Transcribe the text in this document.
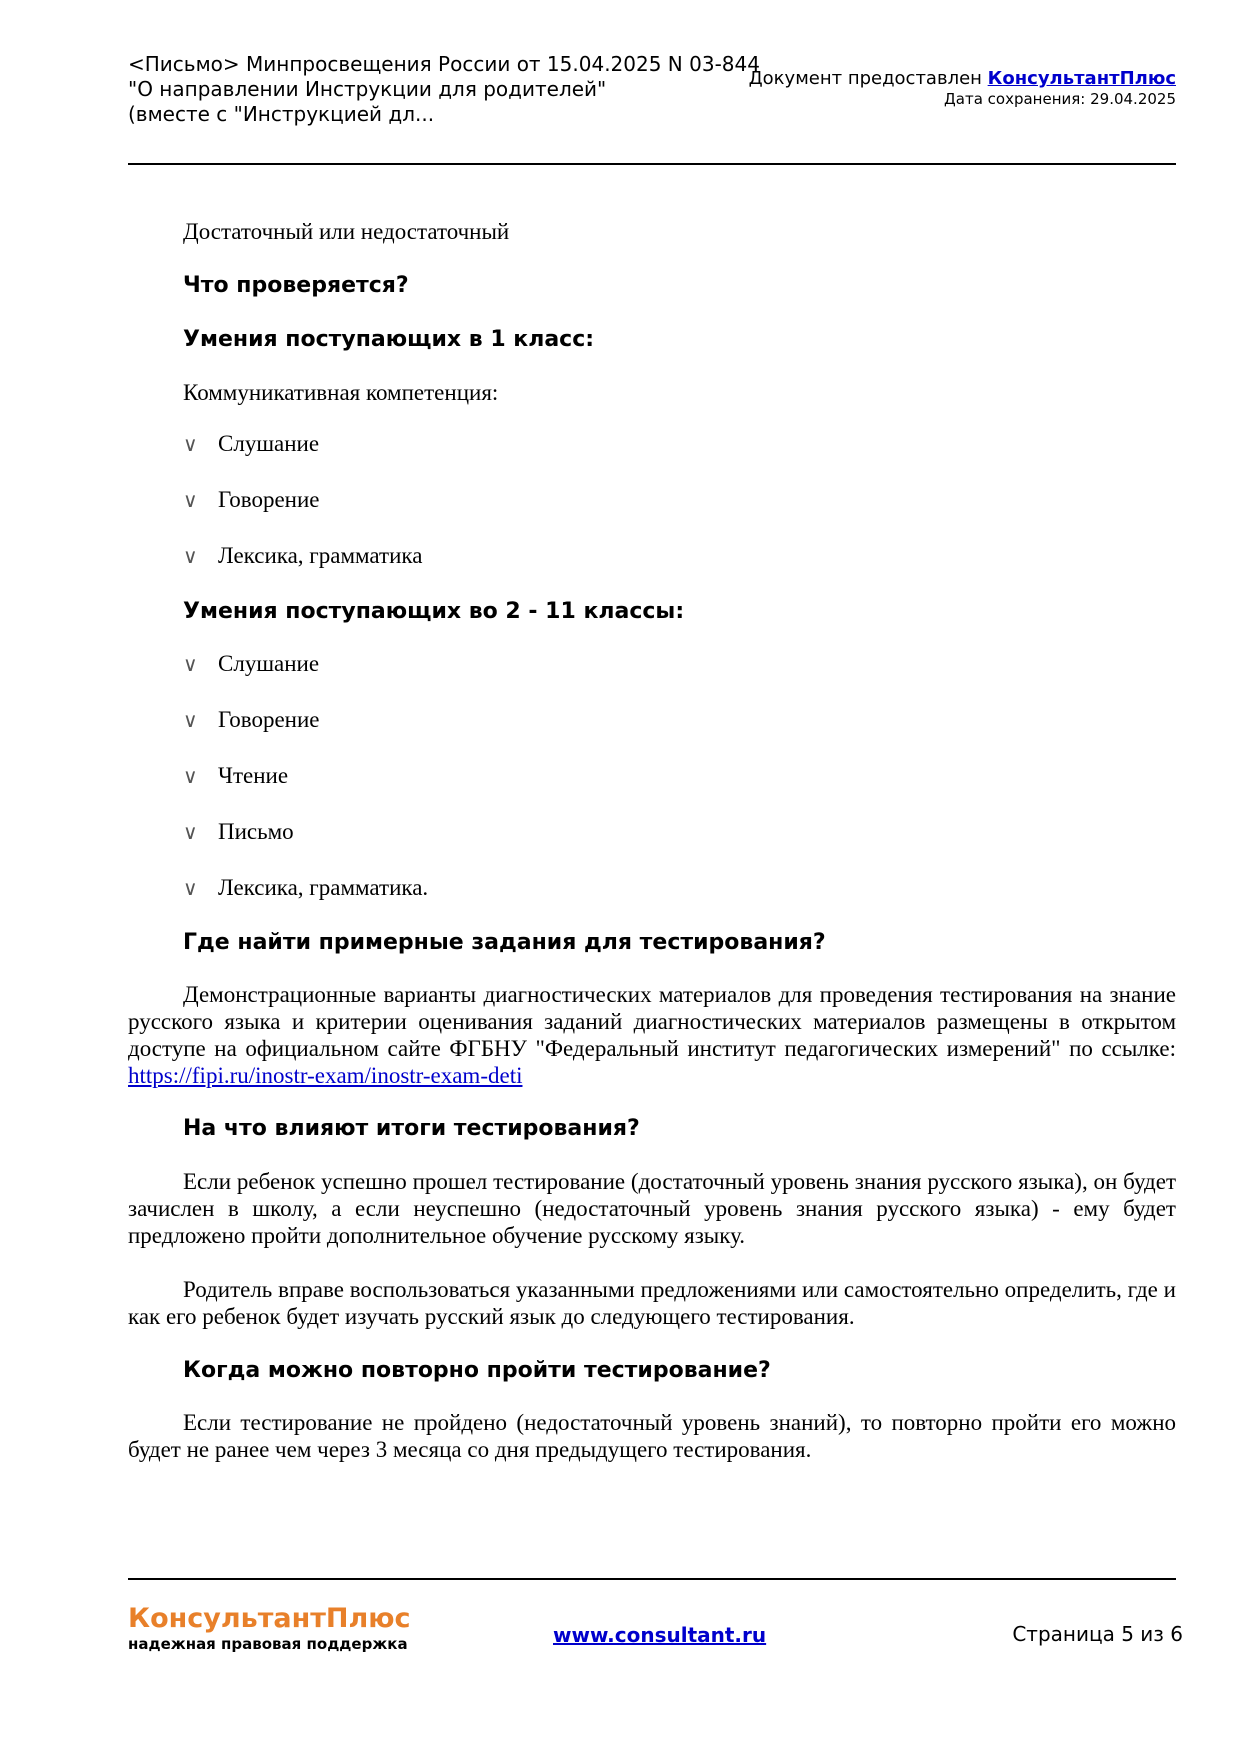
<Письмо> Минпросвещения России от 15.04.2025 N 03-844
"О направлении Инструкции для родителей"
(вместе с "Инструкцией дл...
Документ предоставлен КонсультантПлюс
Дата сохранения: 29.04.2025

Достаточный или недостаточный

Что проверяется?

Умения поступающих в 1 класс:

Коммуникативная компетенция:

∨ Слушание

∨ Говорение

∨ Лексика, грамматика

Умения поступающих во 2 - 11 классы:

∨ Слушание

∨ Говорение

∨ Чтение

∨ Письмо

∨ Лексика, грамматика.

Где найти примерные задания для тестирования?

Демонстрационные варианты диагностических материалов для проведения тестирования на знание русского языка и критерии оценивания заданий диагностических материалов размещены в открытом доступе на официальном сайте ФГБНУ "Федеральный институт педагогических измерений" по ссылке: https://fipi.ru/inostr-exam/inostr-exam-deti

На что влияют итоги тестирования?

Если ребенок успешно прошел тестирование (достаточный уровень знания русского языка), он будет зачислен в школу, а если неуспешно (недостаточный уровень знания русского языка) - ему будет предложено пройти дополнительное обучение русскому языку.

Родитель вправе воспользоваться указанными предложениями или самостоятельно определить, где и как его ребенок будет изучать русский язык до следующего тестирования.

Когда можно повторно пройти тестирование?

Если тестирование не пройдено (недостаточный уровень знаний), то повторно пройти его можно будет не ранее чем через 3 месяца со дня предыдущего тестирования.

КонсультантПлюс
надежная правовая поддержка	www.consultant.ru	Страница 5 из 6
